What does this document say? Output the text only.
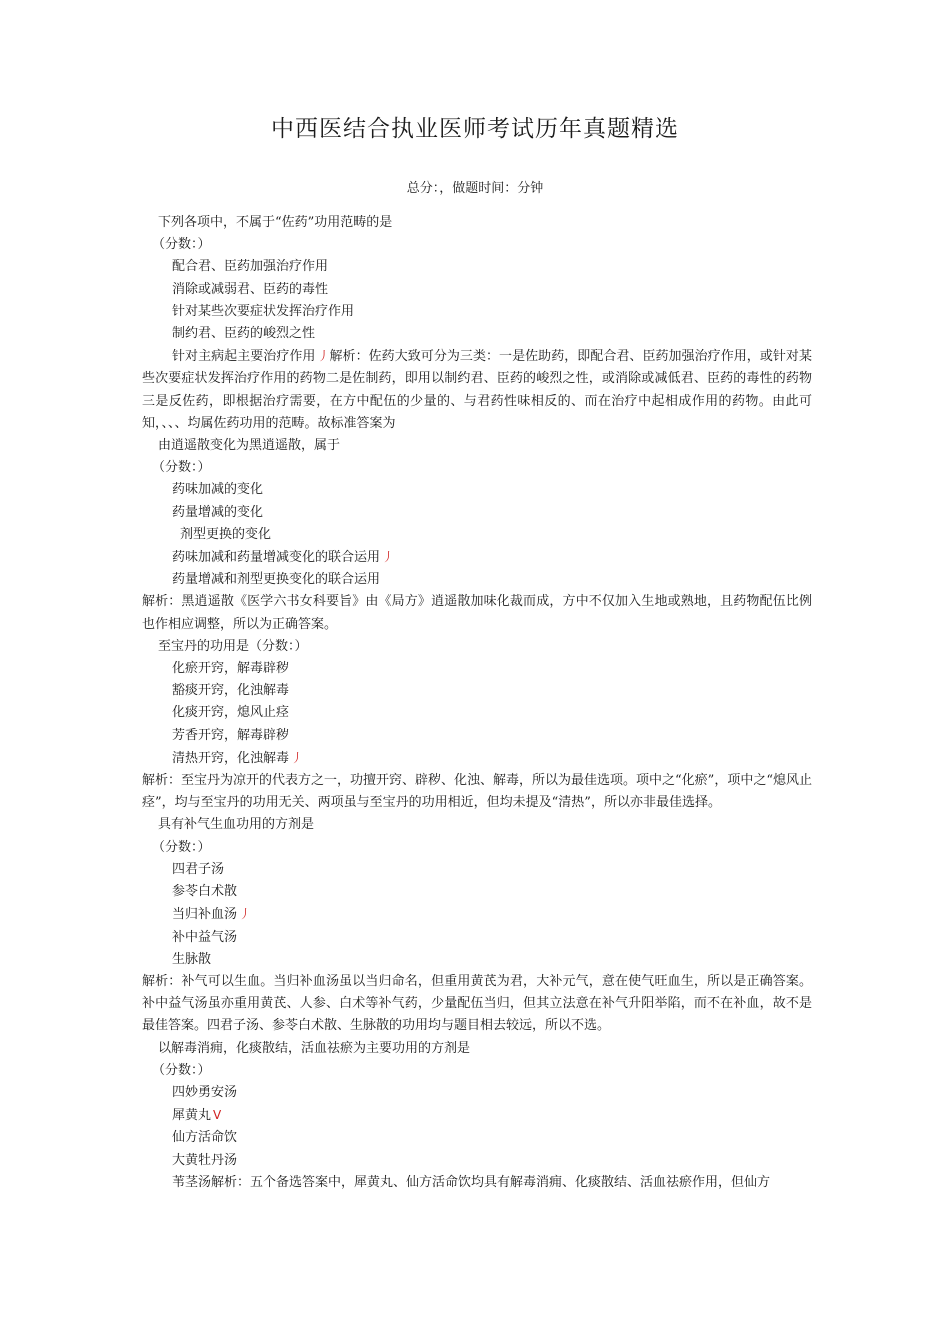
中西医结合执业医师考试历年真题精选
总分：，做题时间：分钟

下列各项中，不属于“佐药”功用范畴的是

（分数：）

配合君、臣药加强治疗作用

消除或减弱君、臣药的毒性

针对某些次要症状发挥治疗作用

制约君、臣药的峻烈之性

针对主病起主要治疗作用 丿解析：佐药大致可分为三类：一是佐助药，即配合君、臣药加强治疗作用，或针对某些次要症状发挥治疗作用的药物二是佐制药，即用以制约君、臣药的峻烈之性，或消除或减低君、臣药的毒性的药物三是反佐药，即根据治疗需要，在方中配伍的少量的、与君药性味相反的、而在治疗中起相成作用的药物。由此可知，、、、均属佐药功用的范畴。故标准答案为

由逍遥散变化为黑逍遥散，属于

（分数：）

药味加减的变化

药量增减的变化

剂型更换的变化

药味加减和药量增减变化的联合运用 丿

药量增减和剂型更换变化的联合运用

解析：黑逍遥散《医学六书女科要旨》由《局方》逍遥散加味化裁而成，方中不仅加入生地或熟地，且药物配伍比例也作相应调整，所以为正确答案。

至宝丹的功用是（分数：）

化瘀开窍，解毒辟秽

豁痰开窍，化浊解毒

化痰开窍，熄风止痉

芳香开窍，解毒辟秽

清热开窍，化浊解毒 丿

解析：至宝丹为凉开的代表方之一，功擅开窍、辟秽、化浊、解毒，所以为最佳选项。项中之“化瘀”，项中之“熄风止痉”，均与至宝丹的功用无关、两项虽与至宝丹的功用相近，但均未提及“清热”，所以亦非最佳选择。

具有补气生血功用的方剂是

（分数：）

四君子汤

参苓白术散

当归补血汤 丿

补中益气汤

生脉散

解析：补气可以生血。当归补血汤虽以当归命名，但重用黄芪为君，大补元气，意在使气旺血生，所以是正确答案。补中益气汤虽亦重用黄芪、人参、白术等补气药，少量配伍当归，但其立法意在补气升阳举陷，而不在补血，故不是最佳答案。四君子汤、参苓白术散、生脉散的功用均与题目相去较远，所以不选。

以解毒消痈，化痰散结，活血祛瘀为主要功用的方剂是

（分数：）

四妙勇安汤

犀黄丸 V

仙方活命饮

大黄牡丹汤

苇茎汤解析：五个备选答案中，犀黄丸、仙方活命饮均具有解毒消痈、化痰散结、活血祛瘀作用，但仙方
